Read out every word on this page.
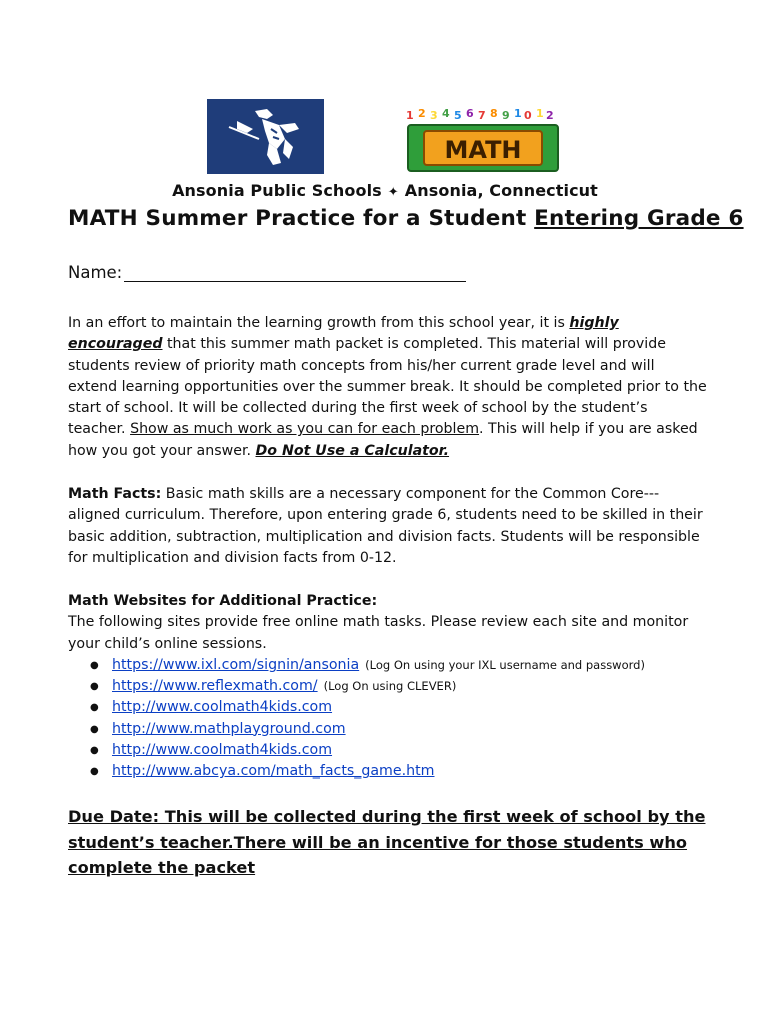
1 2 3 4 5 6 7 8 9 1 0 1 2
MATH
Ansonia Public Schools ✦ Ansonia, Connecticut
MATH Summer Practice for a Student Entering Grade 6
Name:
In an effort to maintain the learning growth from this school year, it is highly encouraged that this summer math packet is completed. This material will provide students review of priority math concepts from his/her current grade level and will extend learning opportunities over the summer break. It should be completed prior to the start of school. It will be collected during the first week of school by the student’s teacher. Show as much work as you can for each problem. This will help if you are asked how you got your answer. Do Not Use a Calculator.
Math Facts: Basic math skills are a necessary component for the Common Core---aligned curriculum. Therefore, upon entering grade 6, students need to be skilled in their basic addition, subtraction, multiplication and division facts. Students will be responsible for multiplication and division facts from 0-12.
Math Websites for Additional Practice:
The following sites provide free online math tasks. Please review each site and monitor your child’s online sessions.
● https://www.ixl.com/signin/ansonia (Log On using your IXL username and password)
● https://www.reflexmath.com/ (Log On using CLEVER)
● http://www.coolmath4kids.com
● http://www.mathplayground.com
● http://www.coolmath4kids.com
● http://www.abcya.com/math_facts_game.htm
Due Date: This will be collected during the first week of school by the student’s teacher.There will be an incentive for those students who complete the packet
